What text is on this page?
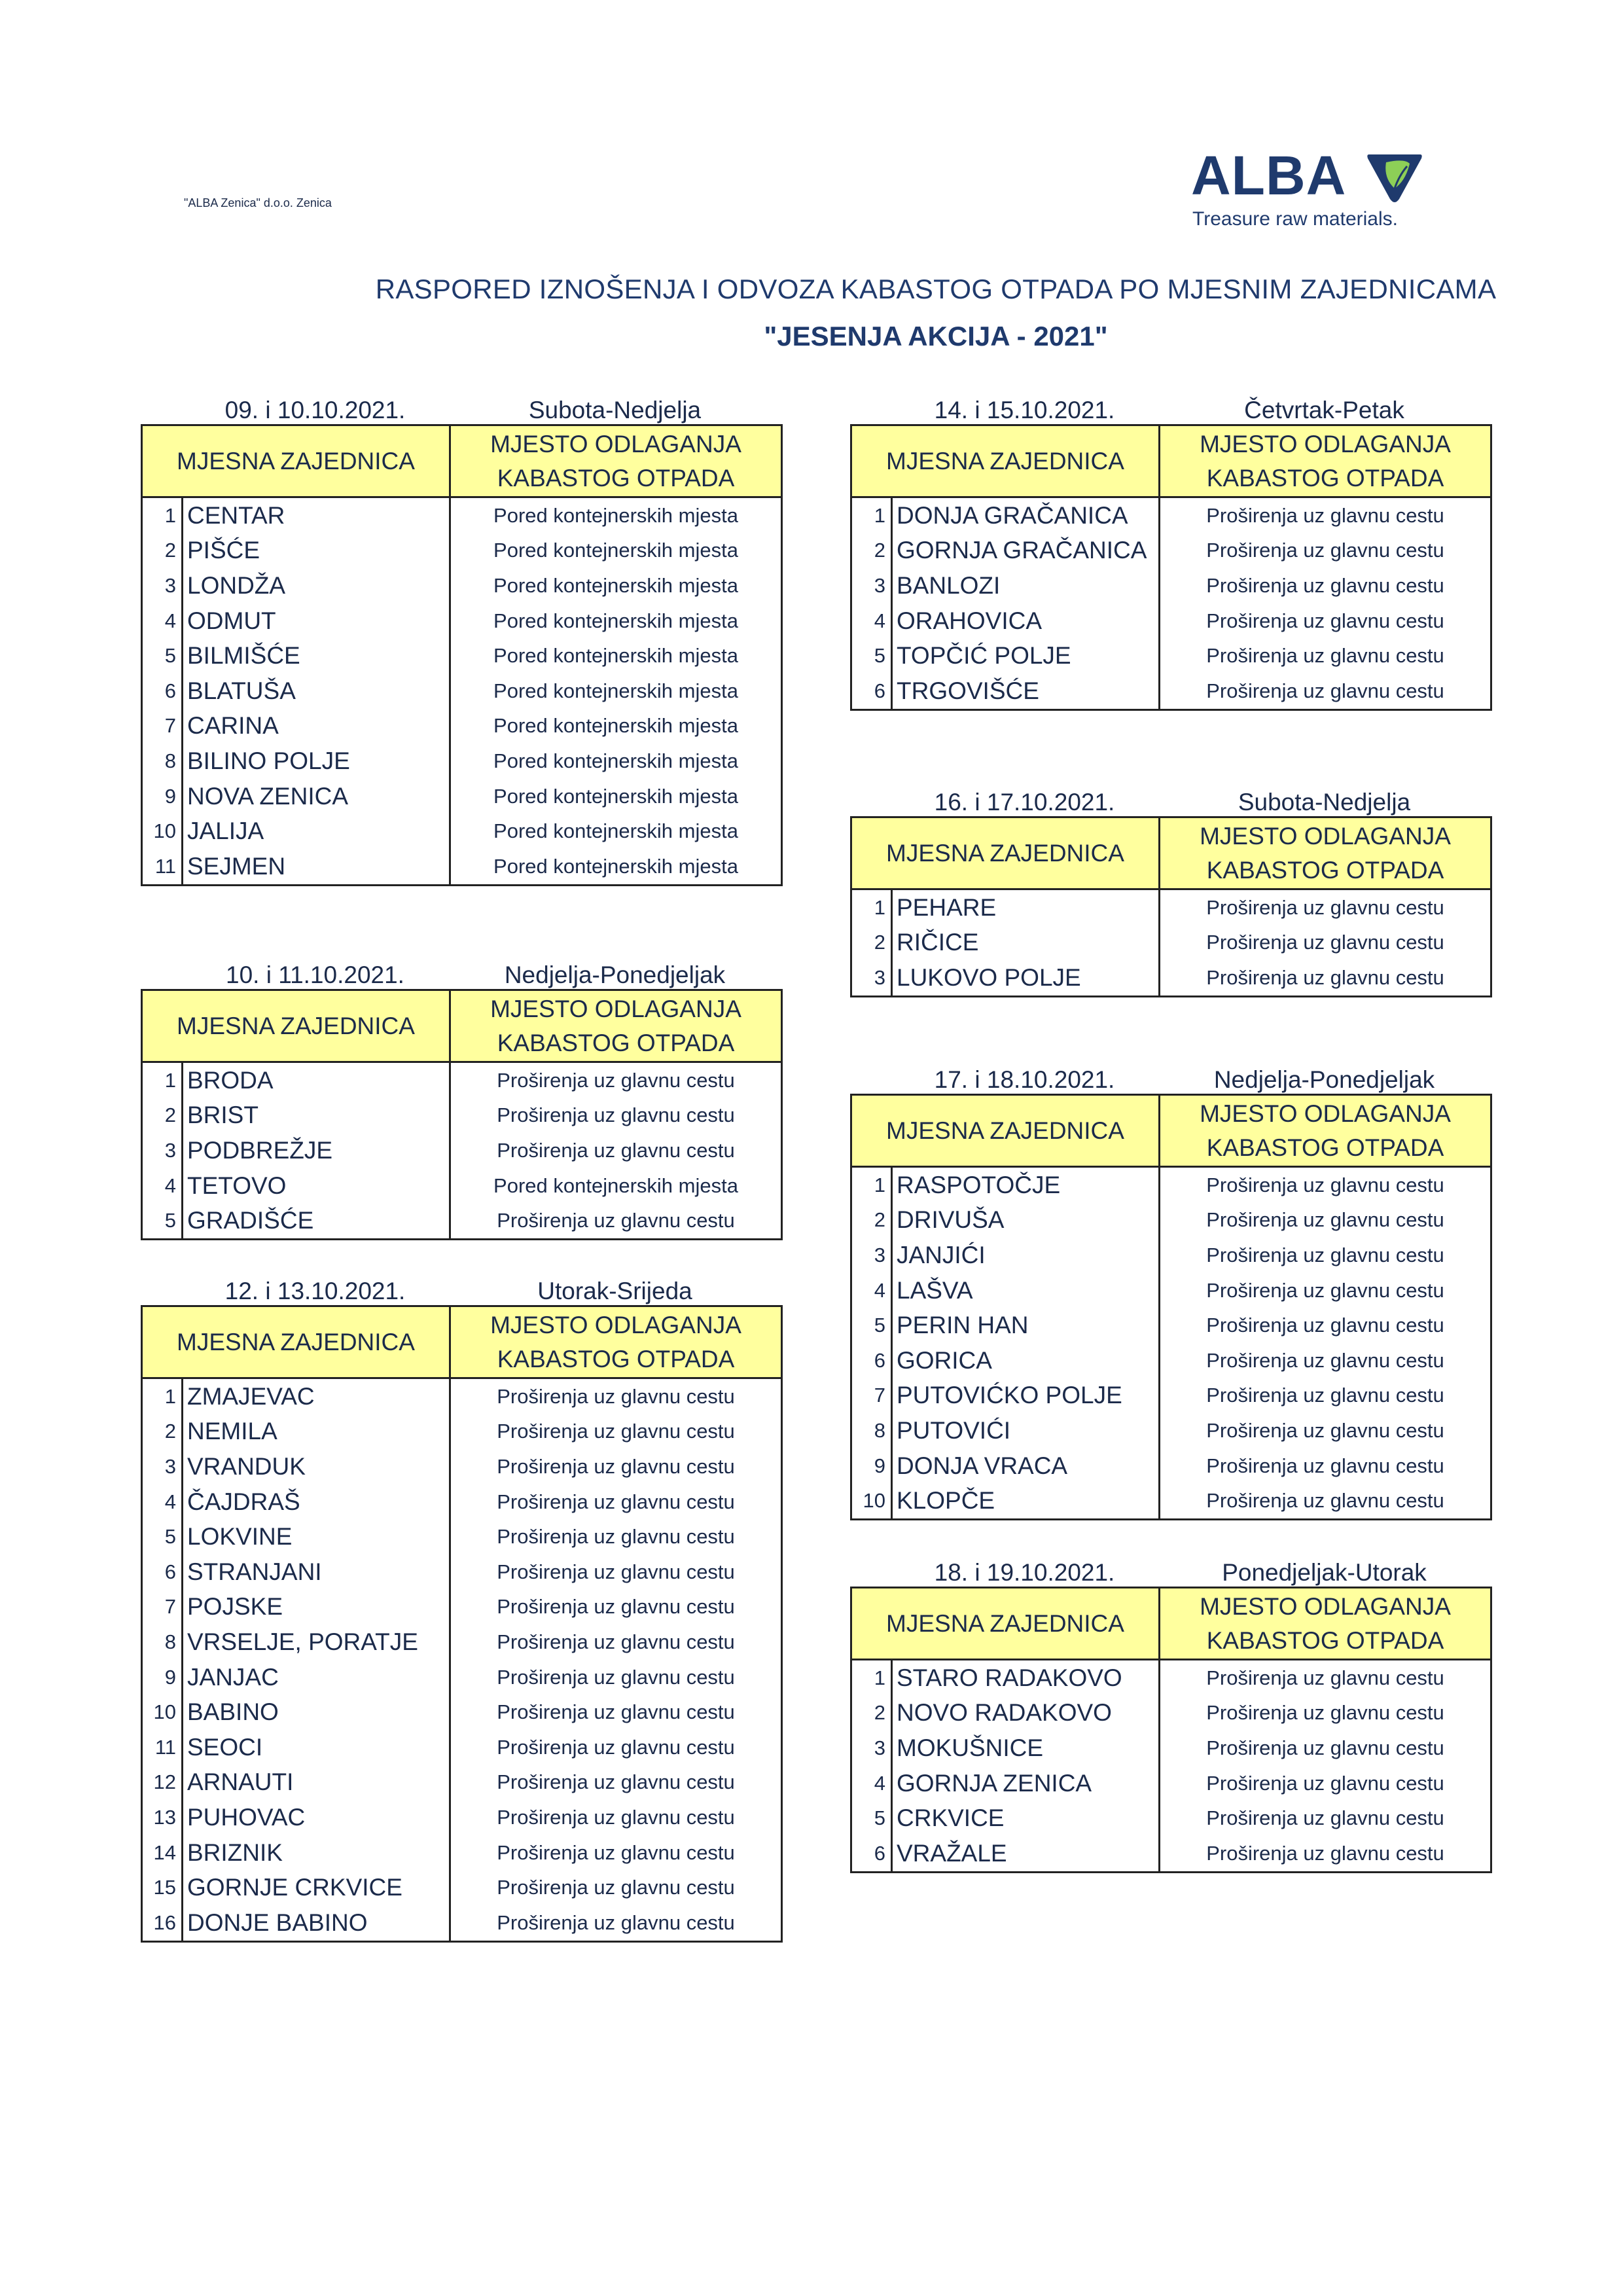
"ALBA Zenica" d.o.o. Zenica	ALBA
Treasure raw materials.
RASPORED IZNOŠENJA I ODVOZA KABASTOG OTPADA PO MJESNIM ZAJEDNICAMA
"JESENJA AKCIJA - 2021"
09. i 10.10.2021.	Subota-Nedjelja
MJESNA ZAJEDNICA		MJESTO ODLAGANJA
KABASTOG OTPADA
1	CENTAR	Pored kontejnerskih mjesta
2	PIŠĆE	Pored kontejnerskih mjesta
3	LONDŽA	Pored kontejnerskih mjesta
4	ODMUT	Pored kontejnerskih mjesta
5	BILMIŠĆE	Pored kontejnerskih mjesta
6	BLATUŠA	Pored kontejnerskih mjesta
7	CARINA	Pored kontejnerskih mjesta
8	BILINO POLJE	Pored kontejnerskih mjesta
9	NOVA ZENICA	Pored kontejnerskih mjesta
10	JALIJA	Pored kontejnerskih mjesta
11	SEJMEN	Pored kontejnerskih mjesta
10. i 11.10.2021.	Nedjelja-Ponedjeljak
MJESNA ZAJEDNICA		MJESTO ODLAGANJA
KABASTOG OTPADA
1	BRODA	Proširenja uz glavnu cestu
2	BRIST	Proširenja uz glavnu cestu
3	PODBREŽJE	Proširenja uz glavnu cestu
4	TETOVO	Pored kontejnerskih mjesta
5	GRADIŠĆE	Proširenja uz glavnu cestu
12. i 13.10.2021.	Utorak-Srijeda
MJESNA ZAJEDNICA		MJESTO ODLAGANJA
KABASTOG OTPADA
1	ZMAJEVAC	Proširenja uz glavnu cestu
2	NEMILA	Proširenja uz glavnu cestu
3	VRANDUK	Proširenja uz glavnu cestu
4	ČAJDRAŠ	Proširenja uz glavnu cestu
5	LOKVINE	Proširenja uz glavnu cestu
6	STRANJANI	Proširenja uz glavnu cestu
7	POJSKE	Proširenja uz glavnu cestu
8	VRSELJE, PORATJE	Proširenja uz glavnu cestu
9	JANJAC	Proširenja uz glavnu cestu
10	BABINO	Proširenja uz glavnu cestu
11	SEOCI	Proširenja uz glavnu cestu
12	ARNAUTI	Proširenja uz glavnu cestu
13	PUHOVAC	Proširenja uz glavnu cestu
14	BRIZNIK	Proširenja uz glavnu cestu
15	GORNJE CRKVICE	Proširenja uz glavnu cestu
16	DONJE BABINO	Proširenja uz glavnu cestu
14. i 15.10.2021.	Četvrtak-Petak
MJESNA ZAJEDNICA		MJESTO ODLAGANJA
KABASTOG OTPADA
1	DONJA GRAČANICA	Proširenja uz glavnu cestu
2	GORNJA GRAČANICA	Proširenja uz glavnu cestu
3	BANLOZI	Proširenja uz glavnu cestu
4	ORAHOVICA	Proširenja uz glavnu cestu
5	TOPČIĆ POLJE	Proširenja uz glavnu cestu
6	TRGOVIŠĆE	Proširenja uz glavnu cestu
16. i 17.10.2021.	Subota-Nedjelja
MJESNA ZAJEDNICA		MJESTO ODLAGANJA
KABASTOG OTPADA
1	PEHARE	Proširenja uz glavnu cestu
2	RIČICE	Proširenja uz glavnu cestu
3	LUKOVO POLJE	Proširenja uz glavnu cestu
17. i 18.10.2021.	Nedjelja-Ponedjeljak
MJESNA ZAJEDNICA		MJESTO ODLAGANJA
KABASTOG OTPADA
1	RASPOTOČJE	Proširenja uz glavnu cestu
2	DRIVUŠA	Proširenja uz glavnu cestu
3	JANJIĆI	Proširenja uz glavnu cestu
4	LAŠVA	Proširenja uz glavnu cestu
5	PERIN HAN	Proširenja uz glavnu cestu
6	GORICA	Proširenja uz glavnu cestu
7	PUTOVIĆKO POLJE	Proširenja uz glavnu cestu
8	PUTOVIĆI	Proširenja uz glavnu cestu
9	DONJA VRACA	Proširenja uz glavnu cestu
10	KLOPČE	Proširenja uz glavnu cestu
18. i 19.10.2021.	Ponedjeljak-Utorak
MJESNA ZAJEDNICA		MJESTO ODLAGANJA
KABASTOG OTPADA
1	STARO RADAKOVO	Proširenja uz glavnu cestu
2	NOVO RADAKOVO	Proširenja uz glavnu cestu
3	MOKUŠNICE	Proširenja uz glavnu cestu
4	GORNJA ZENICA	Proširenja uz glavnu cestu
5	CRKVICE	Proširenja uz glavnu cestu
6	VRAŽALE	Proširenja uz glavnu cestu
